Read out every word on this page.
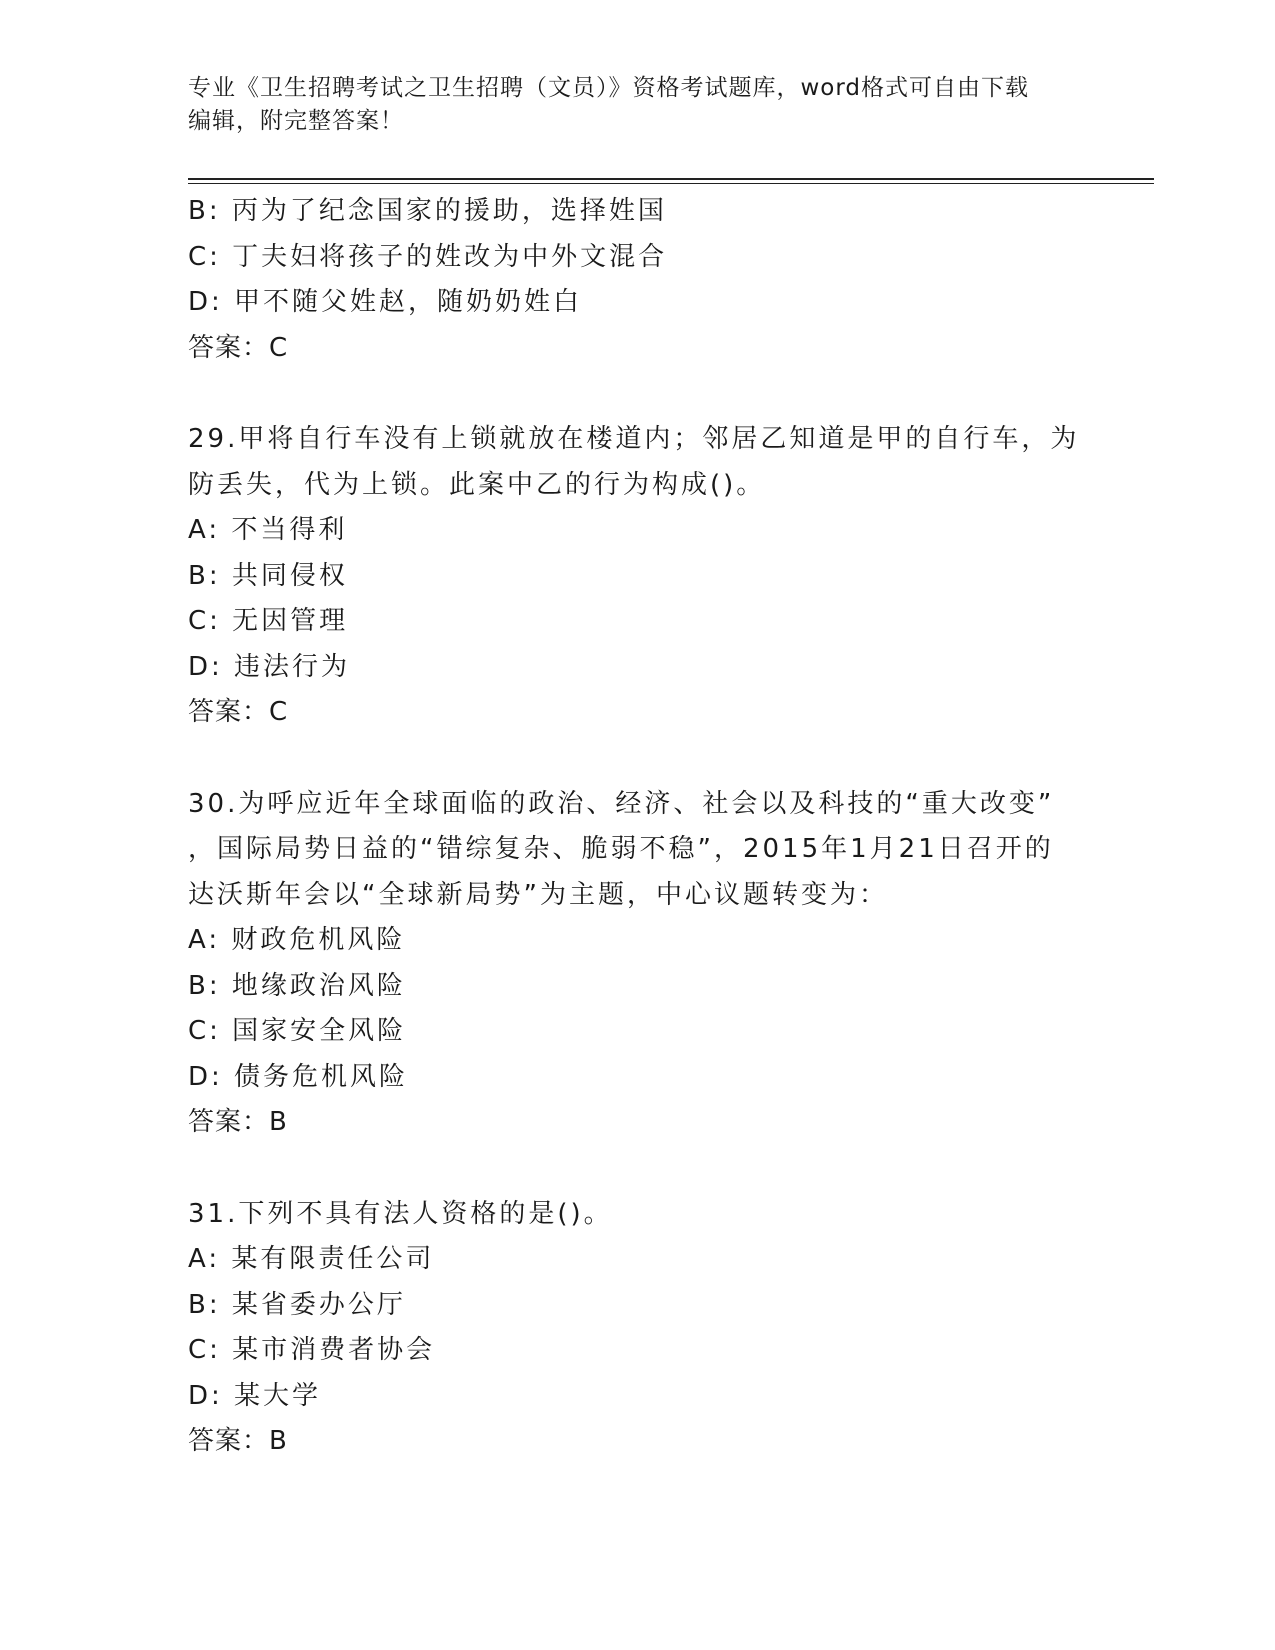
专业《卫生招聘考试之卫生招聘（文员）》资格考试题库，word格式可自由下载
编辑，附完整答案！
B: 丙为了纪念国家的援助，选择姓国
C: 丁夫妇将孩子的姓改为中外文混合
D: 甲不随父姓赵，随奶奶姓白
答案：C
29.甲将自行车没有上锁就放在楼道内；邻居乙知道是甲的自行车，为
防丢失，代为上锁。此案中乙的行为构成()。
A: 不当得利
B: 共同侵权
C: 无因管理
D: 违法行为
答案：C
30.为呼应近年全球面临的政治、经济、社会以及科技的“重大改变”
，国际局势日益的“错综复杂、脆弱不稳”，2015年1月21日召开的
达沃斯年会以“全球新局势”为主题，中心议题转变为：
A: 财政危机风险
B: 地缘政治风险
C: 国家安全风险
D: 债务危机风险
答案：B
31.下列不具有法人资格的是()。
A: 某有限责任公司
B: 某省委办公厅
C: 某市消费者协会
D: 某大学
答案：B
